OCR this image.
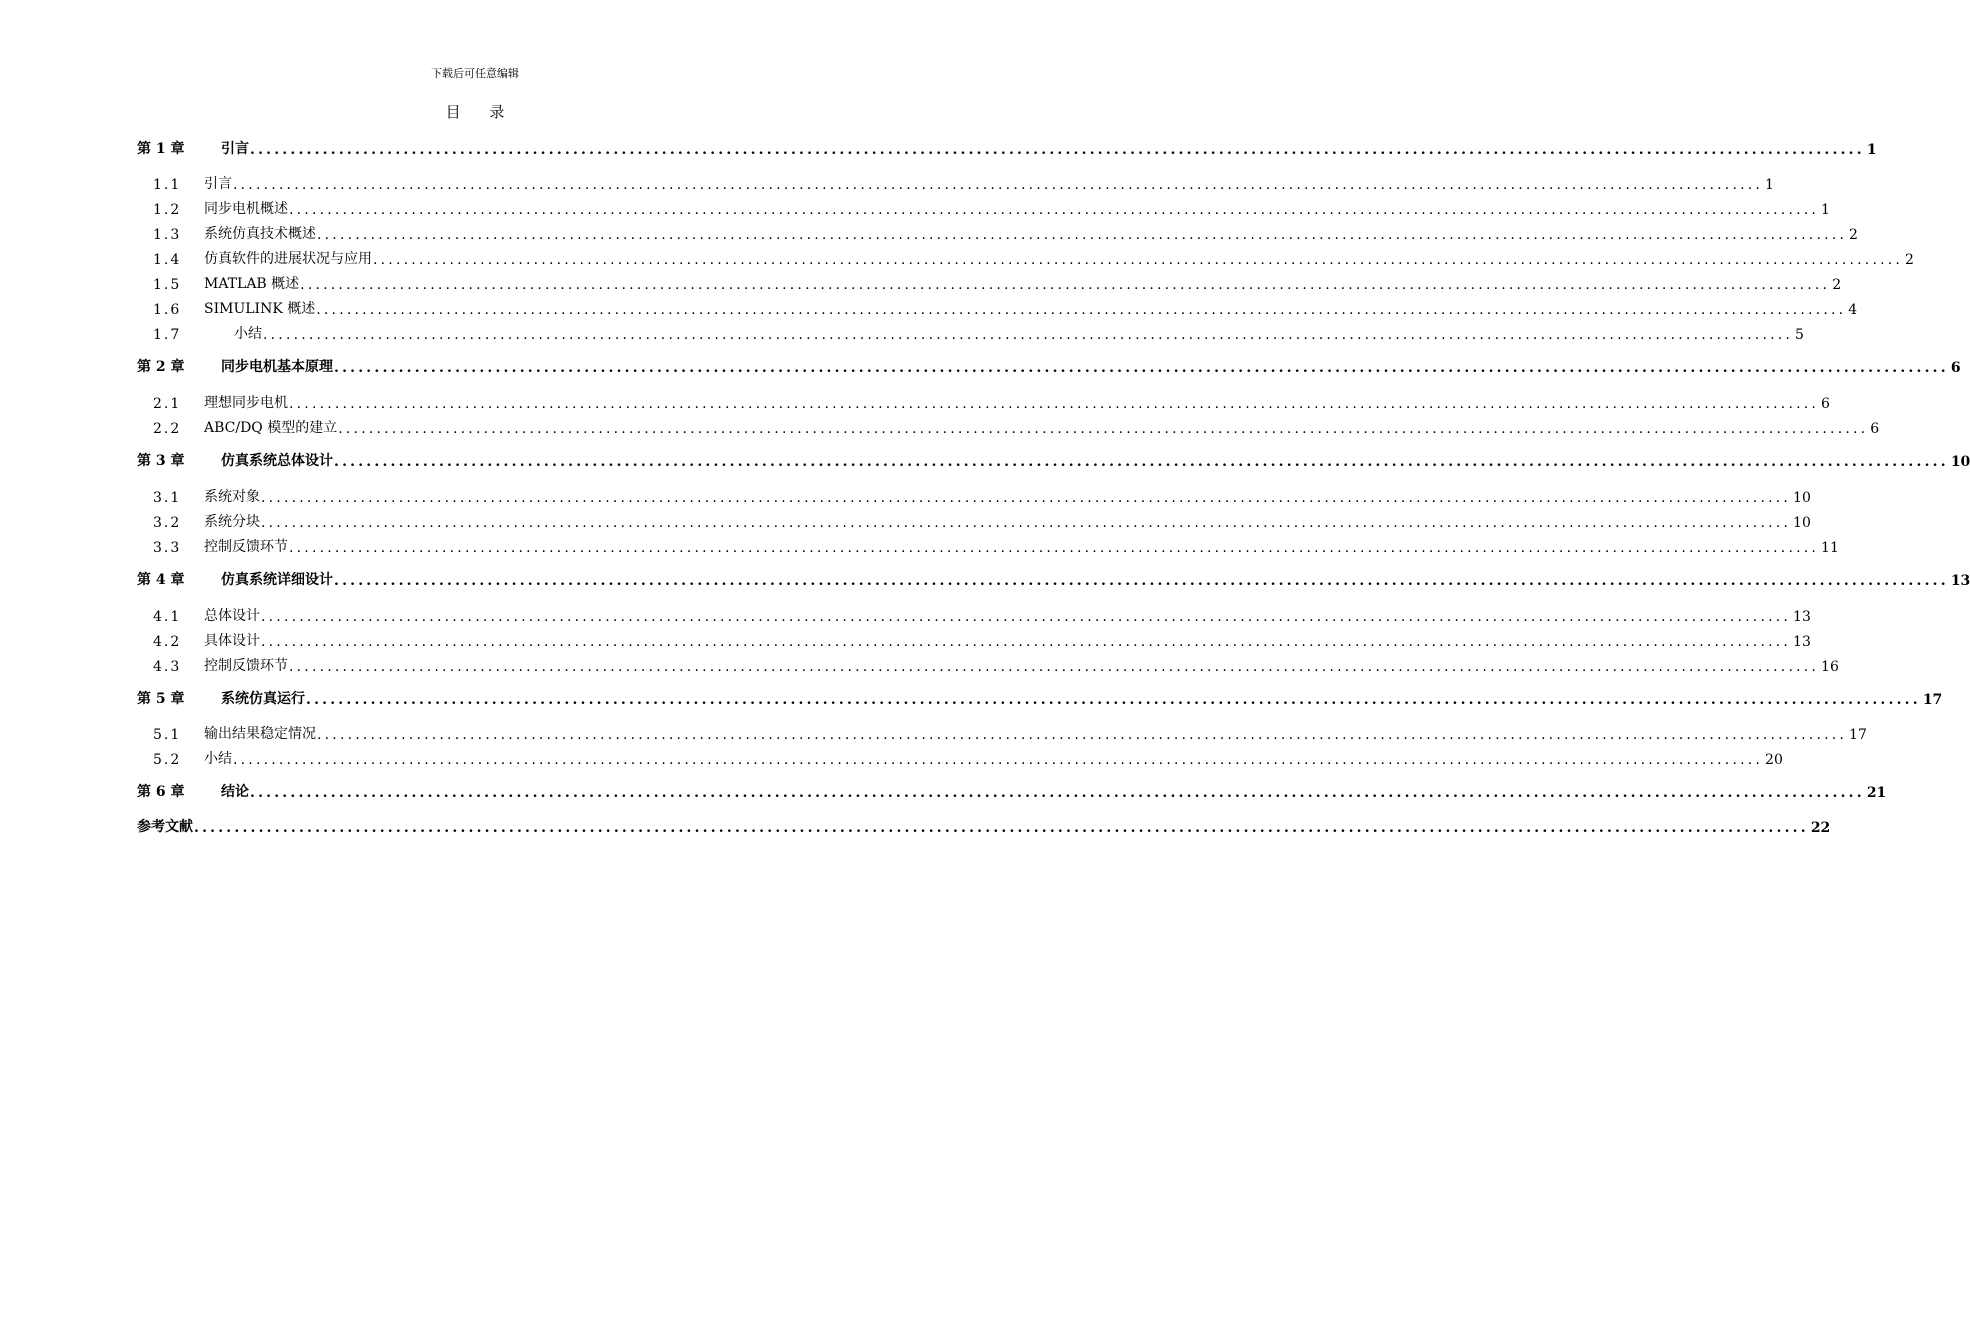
下载后可任意编辑
目 录
第 1 章	引言 ........................................................................................................................................................................................................ 1
1.1	引言 ........................................................................................................................................................................................................ 1
1.2	同步电机概述 ........................................................................................................................................................................................................ 1
1.3	系统仿真技术概述 ........................................................................................................................................................................................................ 2
1.4	仿真软件的进展状况与应用 ........................................................................................................................................................................................................ 2
1.5	MATLAB 概述 ........................................................................................................................................................................................................ 2
1.6	SIMULINK 概述 ........................................................................................................................................................................................................ 4
1.7	小结 ........................................................................................................................................................................................................ 5
第 2 章	同步电机基本原理 ........................................................................................................................................................................................................ 6
2.1	理想同步电机 ........................................................................................................................................................................................................ 6
2.2	ABC/DQ 模型的建立 ........................................................................................................................................................................................................ 6
第 3 章	仿真系统总体设计 ........................................................................................................................................................................................................ 10
3.1	系统对象 ........................................................................................................................................................................................................ 10
3.2	系统分块 ........................................................................................................................................................................................................ 10
3.3	控制反馈环节 ........................................................................................................................................................................................................ 11
第 4 章	仿真系统详细设计 ........................................................................................................................................................................................................ 13
4.1	总体设计 ........................................................................................................................................................................................................ 13
4.2	具体设计 ........................................................................................................................................................................................................ 13
4.3	控制反馈环节 ........................................................................................................................................................................................................ 16
第 5 章	系统仿真运行 ........................................................................................................................................................................................................ 17
5.1	输出结果稳定情况 ........................................................................................................................................................................................................ 17
5.2	小结 ........................................................................................................................................................................................................ 20
第 6 章	结论 ........................................................................................................................................................................................................ 21
参考文献 ........................................................................................................................................................................................................ 22
